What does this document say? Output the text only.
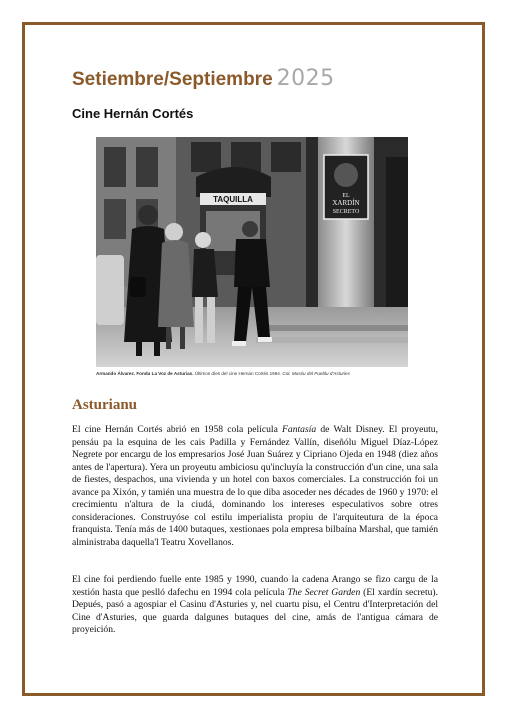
Setiembre/Septiembre 2025
Cine Hernán Cortés
TAQUILLA	EL
XARDÍN
SECRETO
Armando Álvarez. Fondu La Voz de Asturias. Últimos díes del cine Hernán Cortés 1994. Col. Muséu del Pueblu d'Asturies
Asturianu
El cine Hernán Cortés abrió en 1958 cola película Fantasía de Walt Disney. El proyeutu, pensáu pa la esquina de les cais Padilla y Fernández Vallín, diseñólu Miguel Díaz-López Negrete por encargu de los empresarios José Juan Suárez y Cipriano Ojeda en 1948 (diez años antes de l'apertura). Yera un proyeutu ambiciosu qu'incluyía la construcción d'un cine, una sala de fiestes, despachos, una vivienda y un hotel con baxos comerciales. La construcción foi un avance pa Xixón, y tamién una muestra de lo que diba asoceder nes décades de 1960 y 1970: el crecimientu n'altura de la ciudá, dominando los intereses especulativos sobre otres consideraciones. Construyóse col estilu imperialista propiu de l'arquiteutura de la época franquista. Tenía más de 1400 butaques, xestionaes pola empresa bilbaína Marshal, que tamién alministraba daquella'l Teatru Xovellanos.
El cine foi perdiendo fuelle ente 1985 y 1990, cuando la cadena Arango se fizo cargu de la xestión hasta que peslló dafechu en 1994 cola película The Secret Garden (El xardín secretu). Depués, pasó a agospiar el Casinu d'Asturies y, nel cuartu pisu, el Centru d'Interpretación del Cine d'Asturies, que guarda dalgunes butaques del cine, amás de l'antigua cámara de proyeición.
